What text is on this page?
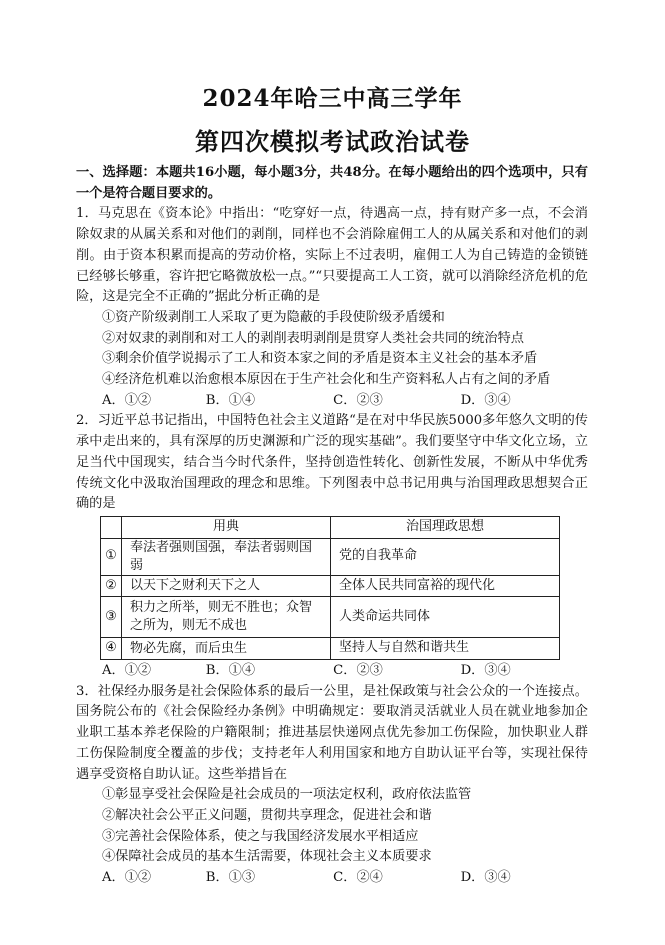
2024年哈三中高三学年
第四次模拟考试政治试卷

一、选择题：本题共16小题，每小题3分，共48分。在每小题给出的四个选项中，只有一个是符合题目要求的。

1．马克思在《资本论》中指出：“吃穿好一点，待遇高一点，持有财产多一点，不会消除奴隶的从属关系和对他们的剥削，同样也不会消除雇佣工人的从属关系和对他们的剥削。由于资本积累而提高的劳动价格，实际上不过表明，雇佣工人为自己铸造的金锁链已经够长够重，容许把它略微放松一点。”“只要提高工人工资，就可以消除经济危机的危险，这是完全不正确的”据此分析正确的是

①资产阶级剥削工人采取了更为隐蔽的手段使阶级矛盾缓和

②对奴隶的剥削和对工人的剥削表明剥削是贯穿人类社会共同的统治特点

③剩余价值学说揭示了工人和资本家之间的矛盾是资本主义社会的基本矛盾

④经济危机难以治愈根本原因在于生产社会化和生产资料私人占有之间的矛盾

A．①②	B．①④	C．②③	D．③④

2．习近平总书记指出，中国特色社会主义道路“是在对中华民族5000多年悠久文明的传承中走出来的，具有深厚的历史渊源和广泛的现实基础”。我们要坚守中华文化立场，立足当代中国现实，结合当今时代条件，坚持创造性转化、创新性发展，不断从中华优秀传统文化中汲取治国理政的理念和思维。下列图表中总书记用典与治国理政思想契合正确的是

	用典	治国理政思想
①	奉法者强则国强，奉法者弱则国弱	党的自我革命
②	以天下之财利天下之人	全体人民共同富裕的现代化
③	积力之所举，则无不胜也；众智之所为，则无不成也	人类命运共同体
④	物必先腐，而后虫生	坚持人与自然和谐共生

A．①②	B．①④	C．②③	D．③④

3．社保经办服务是社会保险体系的最后一公里，是社保政策与社会公众的一个连接点。国务院公布的《社会保险经办条例》中明确规定：要取消灵活就业人员在就业地参加企业职工基本养老保险的户籍限制；推进基层快递网点优先参加工伤保险，加快职业人群工伤保险制度全覆盖的步伐；支持老年人利用国家和地方自助认证平台等，实现社保待遇享受资格自助认证。这些举措旨在

①彰显享受社会保险是社会成员的一项法定权利，政府依法监管

②解决社会公平正义问题，贯彻共享理念，促进社会和谐

③完善社会保险体系，使之与我国经济发展水平相适应

④保障社会成员的基本生活需要，体现社会主义本质要求

A．①②	B．①③	C．②④	D．③④
